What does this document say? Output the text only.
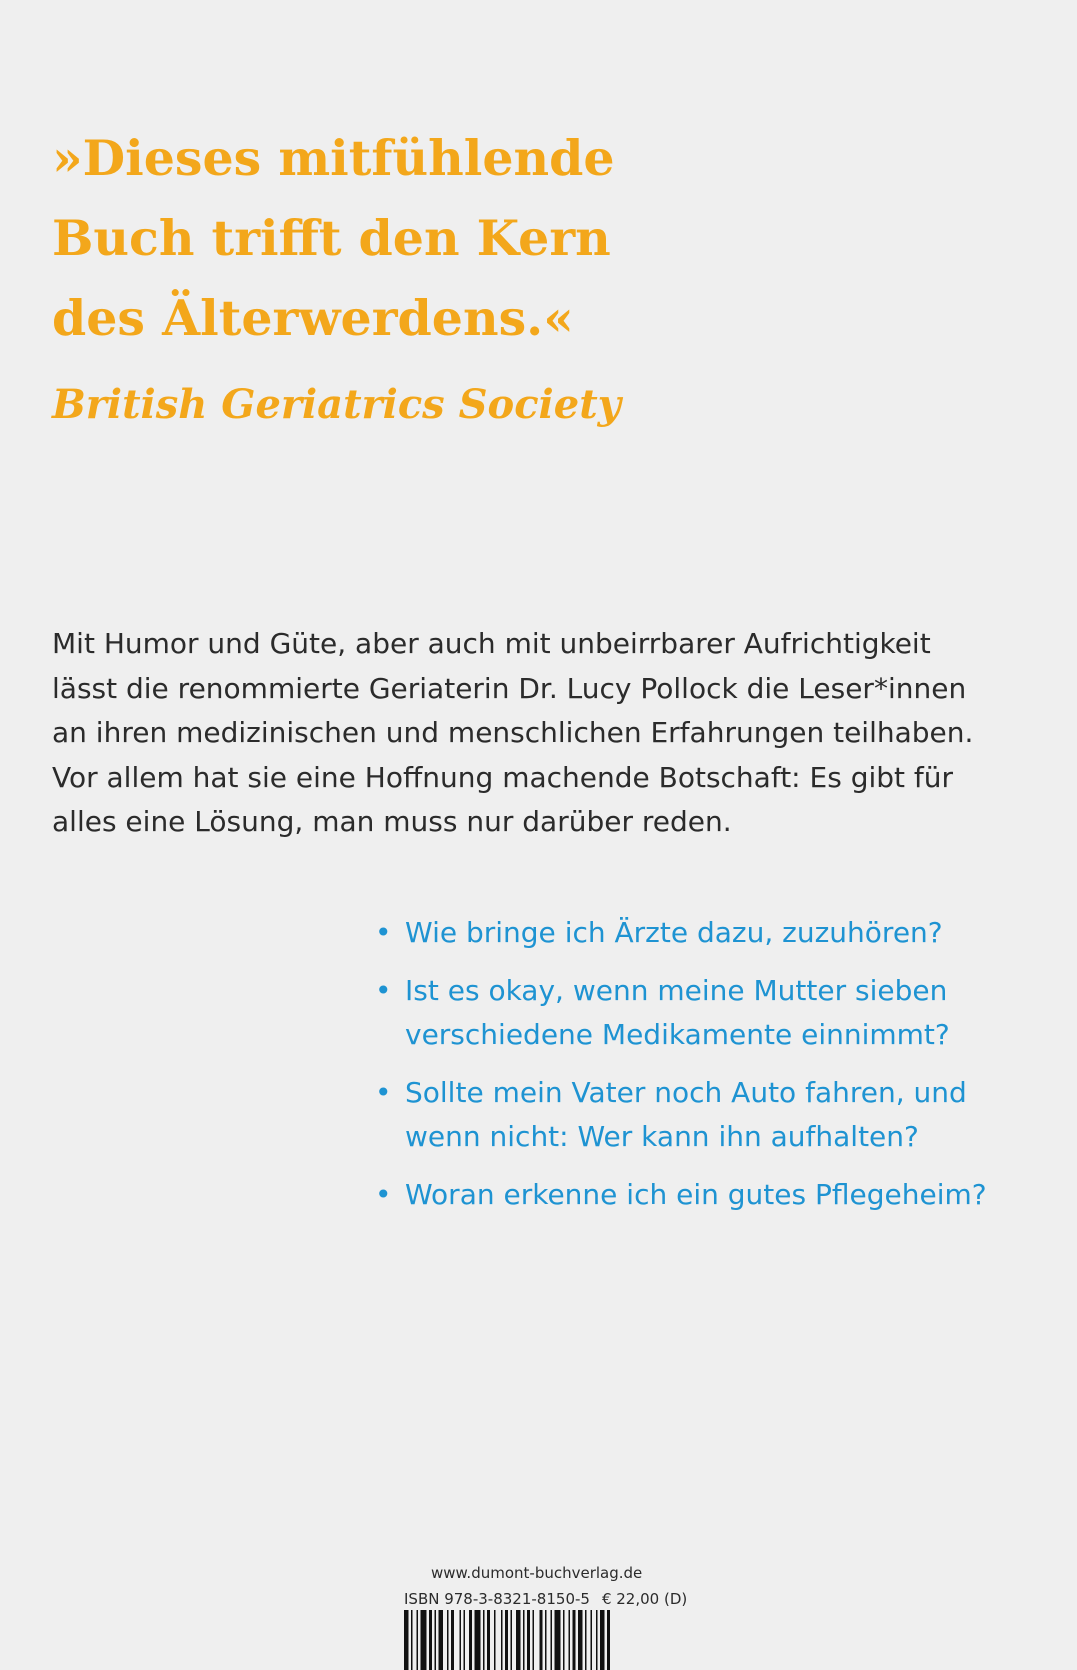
»Dieses mitfühlende
Buch trifft den Kern
des Älterwerdens.«

British Geriatrics Society

Mit Humor und Güte, aber auch mit unbeirrbarer Aufrichtigkeit
lässt die renommierte Geriaterin Dr. Lucy Pollock die Leser*innen
an ihren medizinischen und menschlichen Erfahrungen teilhaben.
Vor allem hat sie eine Hoffnung machende Botschaft: Es gibt für
alles eine Lösung, man muss nur darüber reden.

• Wie bringe ich Ärzte dazu, zuzuhören?
• Ist es okay, wenn meine Mutter sieben
verschiedene Medikamente einnimmt?
• Sollte mein Vater noch Auto fahren, und
wenn nicht: Wer kann ihn aufhalten?
• Woran erkenne ich ein gutes Pflegeheim?
www.dumont-buchverlag.de
ISBN 978-3-8321-8150-5 € 22,00 (D)
